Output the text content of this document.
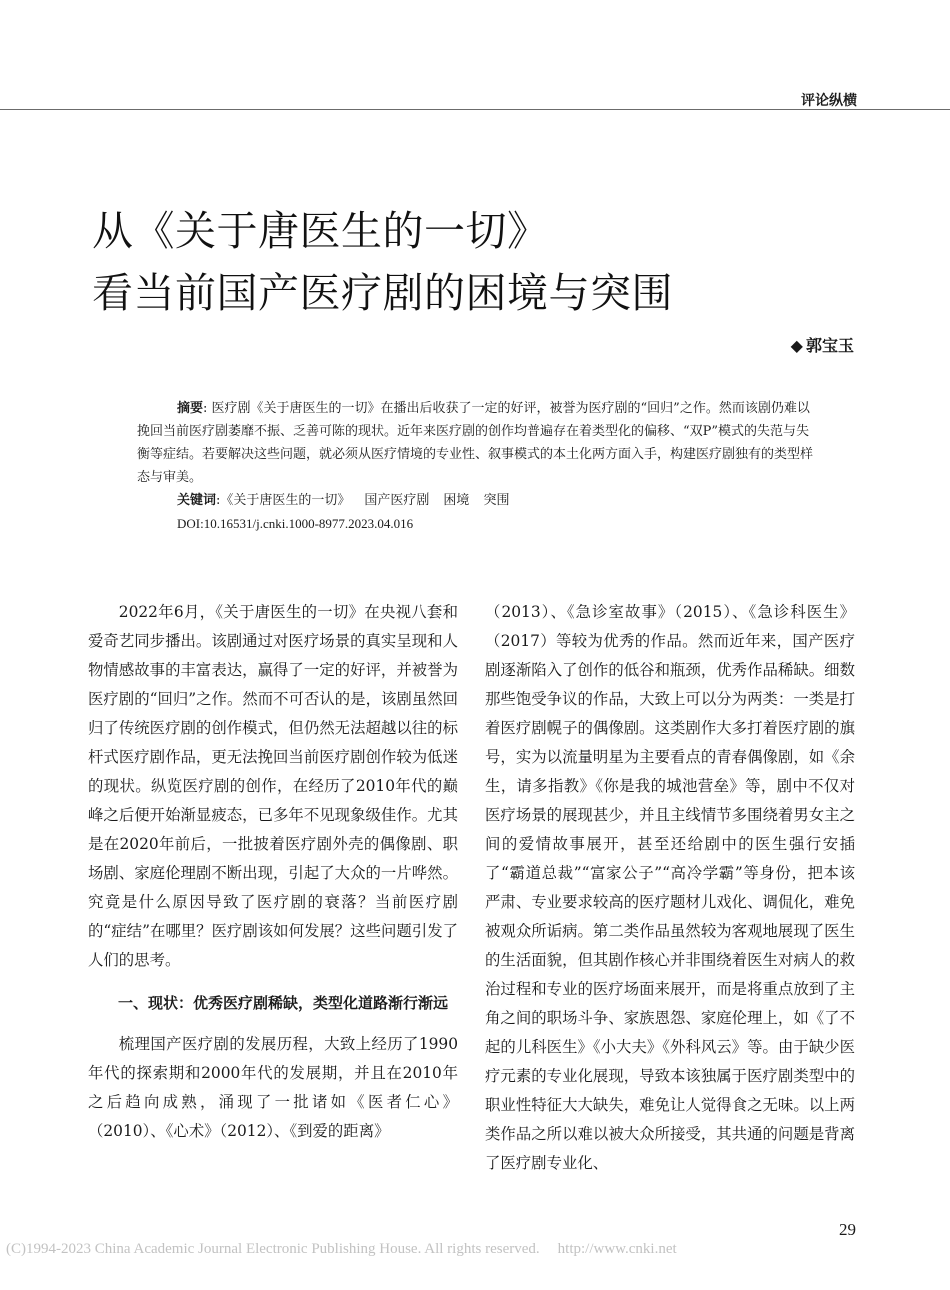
评论纵横
从《关于唐医生的一切》
看当前国产医疗剧的困境与突围
◆ 郭宝玉

摘要: 医疗剧《关于唐医生的一切》在播出后收获了一定的好评，被誉为医疗剧的“回归”之作。然而该剧仍难以挽回当前医疗剧萎靡不振、乏善可陈的现状。近年来医疗剧的创作均普遍存在着类型化的偏移、“双P”模式的失范与失衡等症结。若要解决这些问题，就必须从医疗情境的专业性、叙事模式的本土化两方面入手，构建医疗剧独有的类型样态与审美。

关键词:《关于唐医生的一切》 国产医疗剧 困境 突围

DOI:10.16531/j.cnki.1000-8977.2023.04.016

2022年6月，《关于唐医生的一切》在央视八套和爱奇艺同步播出。该剧通过对医疗场景的真实呈现和人物情感故事的丰富表达，赢得了一定的好评，并被誉为医疗剧的“回归”之作。然而不可否认的是，该剧虽然回归了传统医疗剧的创作模式，但仍然无法超越以往的标杆式医疗剧作品，更无法挽回当前医疗剧创作较为低迷的现状。纵览医疗剧的创作，在经历了2010年代的巅峰之后便开始渐显疲态，已多年不见现象级佳作。尤其是在2020年前后，一批披着医疗剧外壳的偶像剧、职场剧、家庭伦理剧不断出现，引起了大众的一片哗然。究竟是什么原因导致了医疗剧的衰落？当前医疗剧的“症结”在哪里？医疗剧该如何发展？这些问题引发了人们的思考。

一、现状：优秀医疗剧稀缺，类型化道路渐行渐远

梳理国产医疗剧的发展历程，大致上经历了1990年代的探索期和2000年代的发展期，并且在2010年之后趋向成熟，涌现了一批诸如《医者仁心》（2010）、《心术》（2012）、《到爱的距离》

（2013）、《急诊室故事》（2015）、《急诊科医生》（2017）等较为优秀的作品。然而近年来，国产医疗剧逐渐陷入了创作的低谷和瓶颈，优秀作品稀缺。细数那些饱受争议的作品，大致上可以分为两类：一类是打着医疗剧幌子的偶像剧。这类剧作大多打着医疗剧的旗号，实为以流量明星为主要看点的青春偶像剧，如《余生，请多指教》《你是我的城池营垒》等，剧中不仅对医疗场景的展现甚少，并且主线情节多围绕着男女主之间的爱情故事展开，甚至还给剧中的医生强行安插了“霸道总裁”“富家公子”“高冷学霸”等身份，把本该严肃、专业要求较高的医疗题材儿戏化、调侃化，难免被观众所诟病。第二类作品虽然较为客观地展现了医生的生活面貌，但其剧作核心并非围绕着医生对病人的救治过程和专业的医疗场面来展开，而是将重点放到了主角之间的职场斗争、家族恩怨、家庭伦理上，如《了不起的儿科医生》《小大夫》《外科风云》等。由于缺少医疗元素的专业化展现，导致本该独属于医疗剧类型中的职业性特征大大缺失，难免让人觉得食之无味。以上两类作品之所以难以被大众所接受，其共通的问题是背离了医疗剧专业化、

29
(C)1994-2023 China Academic Journal Electronic Publishing House. All rights reserved. http://www.cnki.net
